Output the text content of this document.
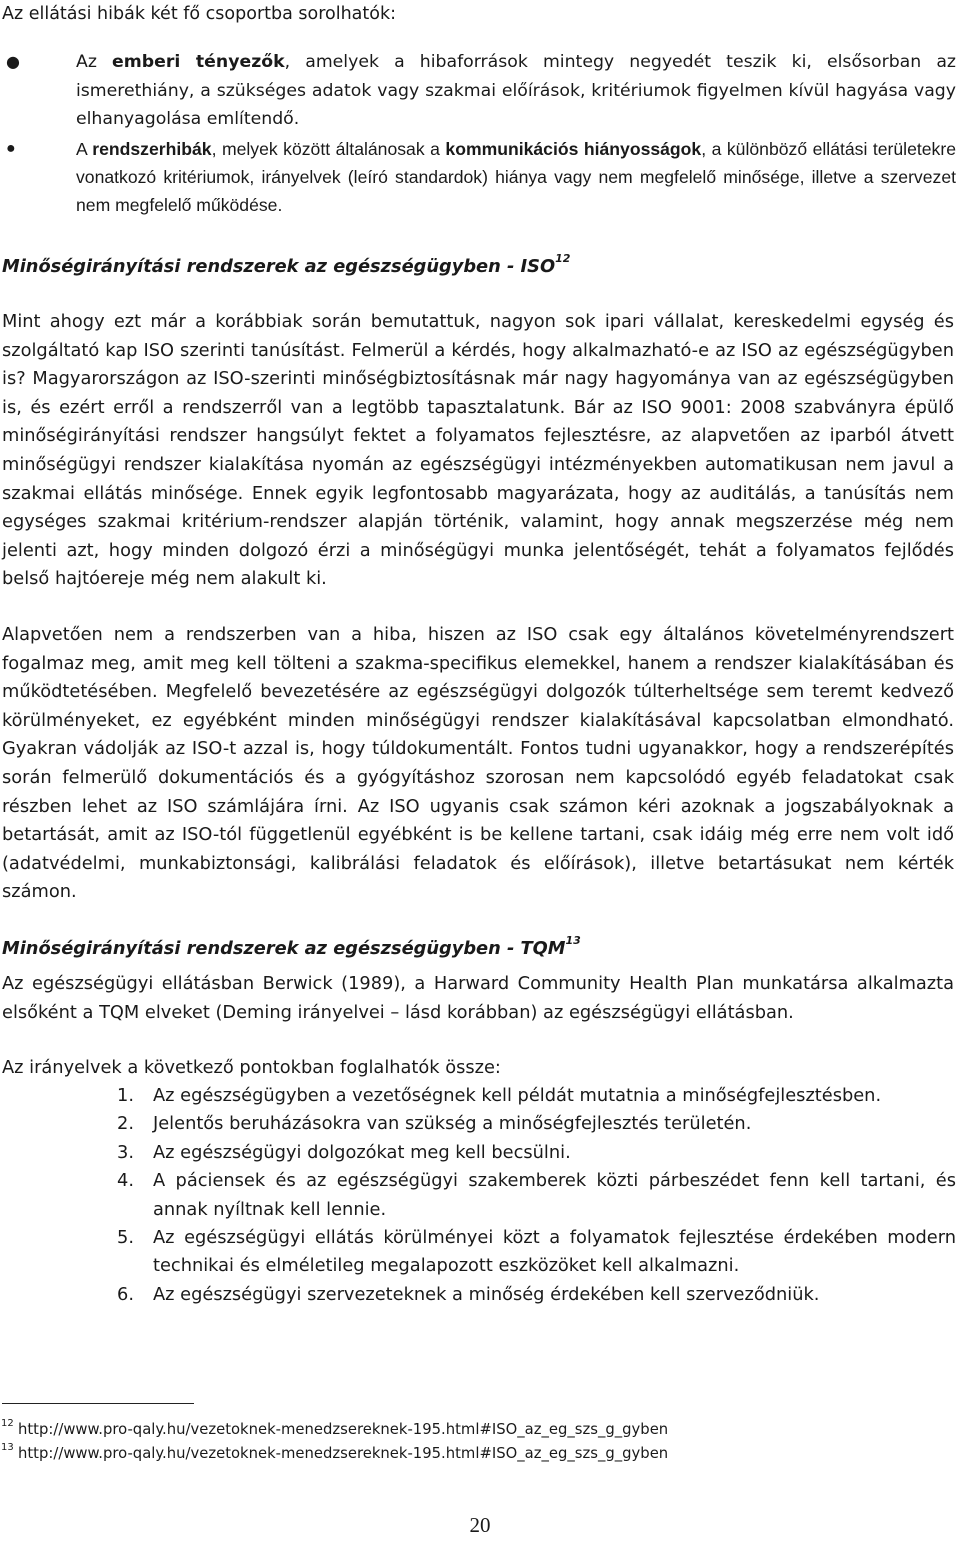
Az ellátási hibák két fő csoportba sorolhatók:

●	Az emberi tényezők, amelyek a hibaforrások mintegy negyedét teszik ki, elsősorban az ismerethiány, a szükséges adatok vagy szakmai előírások, kritériumok figyelmen kívül hagyása vagy elhanyagolása említendő.
●	A rendszerhibák, melyek között általánosak a kommunikációs hiányosságok, a különböző ellátási területekre vonatkozó kritériumok, irányelvek (leíró standardok) hiánya vagy nem megfelelő minősége, illetve a szervezet nem megfelelő működése.
Minőségirányítási rendszerek az egészségügyben - ISO$^{12}$

Mint ahogy ezt már a korábbiak során bemutattuk, nagyon sok ipari vállalat, kereskedelmi egység és szolgáltató kap ISO szerinti tanúsítást. Felmerül a kérdés, hogy alkalmazható-e az ISO az egészségügyben is? Magyarországon az ISO-szerinti minőségbiztosításnak már nagy hagyománya van az egészségügyben is, és ezért erről a rendszerről van a legtöbb tapasztalatunk. Bár az ISO 9001: 2008 szabványra épülő minőségirányítási rendszer hangsúlyt fektet a folyamatos fejlesztésre, az alapvetően az iparból átvett minőségügyi rendszer kialakítása nyomán az egészségügyi intézményekben automatikusan nem javul a szakmai ellátás minősége. Ennek egyik legfontosabb magyarázata, hogy az auditálás, a tanúsítás nem egységes szakmai kritérium-rendszer alapján történik, valamint, hogy annak megszerzése még nem jelenti azt, hogy minden dolgozó érzi a minőségügyi munka jelentőségét, tehát a folyamatos fejlődés belső hajtóereje még nem alakult ki.

Alapvetően nem a rendszerben van a hiba, hiszen az ISO csak egy általános követelményrendszert fogalmaz meg, amit meg kell tölteni a szakma-specifikus elemekkel, hanem a rendszer kialakításában és működtetésében. Megfelelő bevezetésére az egészségügyi dolgozók túlterheltsége sem teremt kedvező körülményeket, ez egyébként minden minőségügyi rendszer kialakításával kapcsolatban elmondható. Gyakran vádolják az ISO-t azzal is, hogy túldokumentált. Fontos tudni ugyanakkor, hogy a rendszerépítés során felmerülő dokumentációs és a gyógyításhoz szorosan nem kapcsolódó egyéb feladatokat csak részben lehet az ISO számlájára írni. Az ISO ugyanis csak számon kéri azoknak a jogszabályoknak a betartását, amit az ISO-tól függetlenül egyébként is be kellene tartani, csak idáig még erre nem volt idő (adatvédelmi, munkabiztonsági, kalibrálási feladatok és előírások), illetve betartásukat nem kérték számon.

Minőségirányítási rendszerek az egészségügyben - TQM$^{13}$

Az egészségügyi ellátásban Berwick (1989), a Harward Community Health Plan munkatársa alkalmazta elsőként a TQM elveket (Deming irányelvei – lásd korábban) az egészségügyi ellátásban.

Az irányelvek a következő pontokban foglalhatók össze:

1. Az egészségügyben a vezetőségnek kell példát mutatnia a minőségfejlesztésben.
2. Jelentős beruházásokra van szükség a minőségfejlesztés területén.
3. Az egészségügyi dolgozókat meg kell becsülni.
4. A páciensek és az egészségügyi szakemberek közti párbeszédet fenn kell tartani, és annak nyíltnak kell lennie.
5. Az egészségügyi ellátás körülményei közt a folyamatok fejlesztése érdekében modern technikai és elméletileg megalapozott eszközöket kell alkalmazni.
6. Az egészségügyi szervezeteknek a minőség érdekében kell szerveződniük.
12 http://www.pro-qaly.hu/vezetoknek-menedzsereknek-195.html#ISO_az_eg_szs_g_gyben
13 http://www.pro-qaly.hu/vezetoknek-menedzsereknek-195.html#ISO_az_eg_szs_g_gyben
20
